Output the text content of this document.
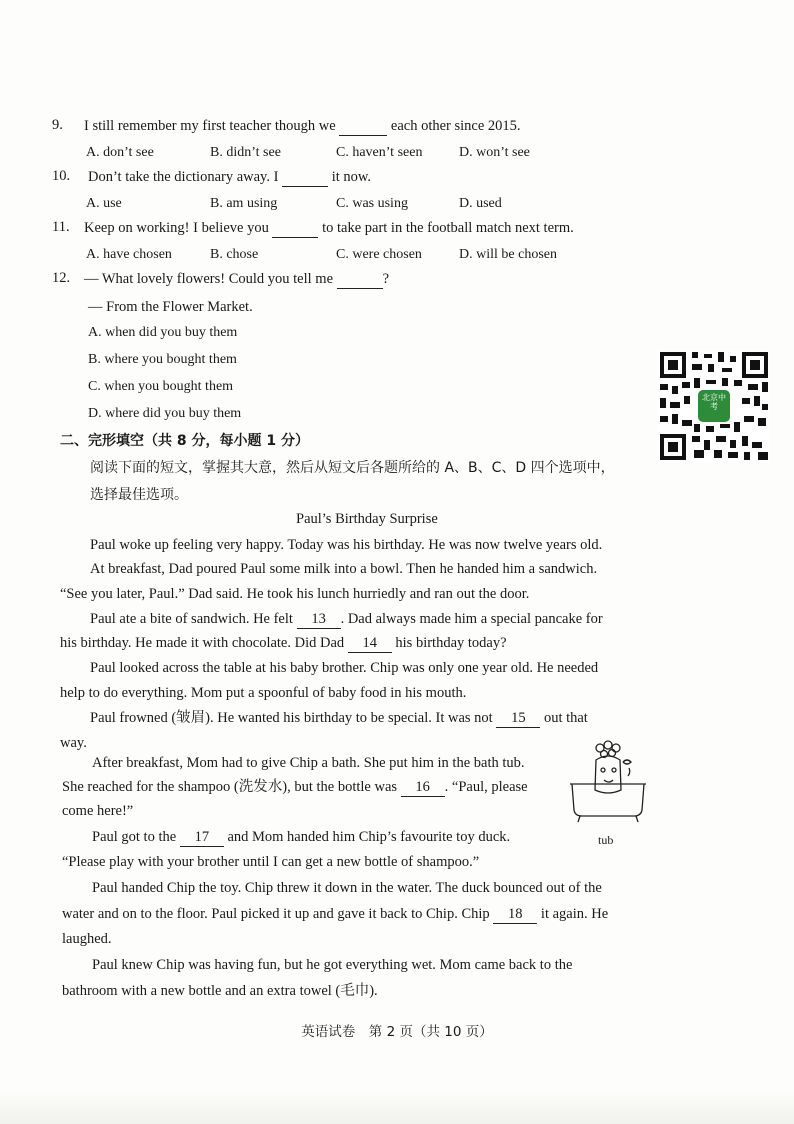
9. I still remember my first teacher though we	each other since 2015.
A. don’t see	B. didn’t see	C. haven’t seen	D. won’t see
10. Don’t take the dictionary away. I	it now.
A. use	B. am using	C. was using	D. used
11. Keep on working! I believe you	to take part in the football match next term.
A. have chosen	B. chose	C. were chosen	D. will be chosen
12. — What lovely flowers! Could you tell me	?
— From the Flower Market.
A. when did you buy them
B. where you bought them
C. when you bought them
D. where did you buy them
二、完形填空（共 8 分，每小题 1 分）
阅读下面的短文，掌握其大意，然后从短文后各题所给的 A、B、C、D 四个选项中，
选择最佳选项。
北京中考
Paul’s Birthday Surprise
Paul woke up feeling very happy. Today was his birthday. He was now twelve years old.
At breakfast, Dad poured Paul some milk into a bowl. Then he handed him a sandwich.
“See you later, Paul.” Dad said. He took his lunch hurriedly and ran out the door.
Paul ate a bite of sandwich. He felt 13 . Dad always made him a special pancake for
his birthday. He made it with chocolate. Did Dad 14 his birthday today?
Paul looked across the table at his baby brother. Chip was only one year old. He needed
help to do everything. Mom put a spoonful of baby food in his mouth.
Paul frowned (皱眉). He wanted his birthday to be special. It was not 15 out that
way.
After breakfast, Mom had to give Chip a bath. She put him in the bath tub.
She reached for the shampoo (洗发水), but the bottle was 16 . “Paul, please
come here!”
tub
Paul got to the 17 and Mom handed him Chip’s favourite toy duck.
“Please play with your brother until I can get a new bottle of shampoo.”
Paul handed Chip the toy. Chip threw it down in the water. The duck bounced out of the
water and on to the floor. Paul picked it up and gave it back to Chip. Chip 18 it again. He
laughed.
Paul knew Chip was having fun, but he got everything wet. Mom came back to the
bathroom with a new bottle and an extra towel (毛巾).
英语试卷　第 2 页（共 10 页）
